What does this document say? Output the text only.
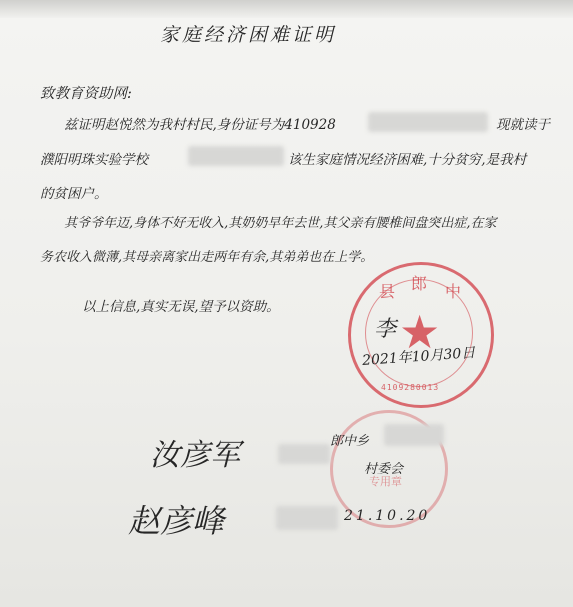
家庭经济困难证明
致教育资助网:
兹证明赵悦然为我村村民,身份证号为410928	现就读于
濮阳明珠实验学校	该生家庭情况经济困难,十分贫穷,是我村
的贫困户。
其爷爷年迈,身体不好无收入,其奶奶早年去世,其父亲有腰椎间盘突出症,在家
务农收入微薄,其母亲离家出走两年有余,其弟弟也在上学。
以上信息,真实无误,望予以资助。	★
县 郎 中
4109280013
李
2021年10月30日
专用章
汝彦军	郎中乡
村委会
赵彦峰	21.10.20
